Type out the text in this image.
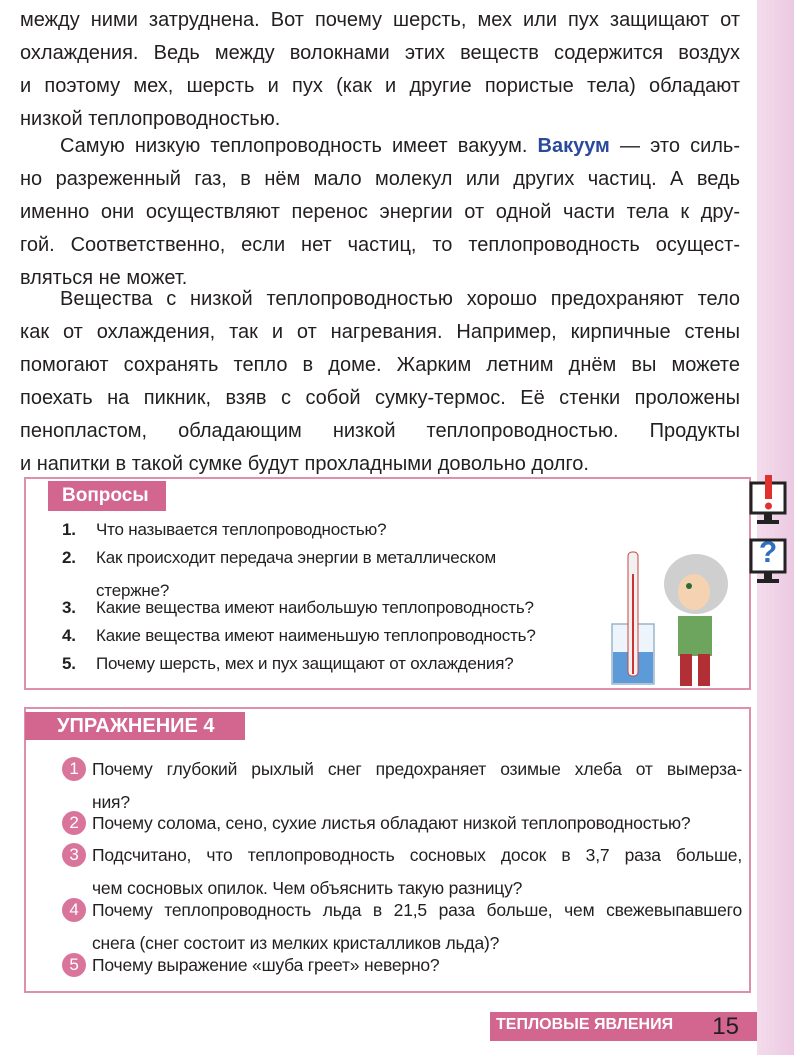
между ними затруднена. Вот почему шерсть, мех или пух защищают от
охлаждения. Ведь между волокнами этих веществ содержится воздух
и поэтому мех, шерсть и пух (как и другие пористые тела) обладают
низкой теплопроводностью.
Самую низкую теплопроводность имеет вакуум. Вакуум — это силь-
но разреженный газ, в нём мало молекул или других частиц. А ведь
именно они осуществляют перенос энергии от одной части тела к дру-
гой. Соответственно, если нет частиц, то теплопроводность осущест-
вляться не может.
Вещества с низкой теплопроводностью хорошо предохраняют тело
как от охлаждения, так и от нагревания. Например, кирпичные стены
помогают сохранять тепло в доме. Жарким летним днём вы можете
поехать на пикник, взяв с собой сумку-термос. Её стенки проложены
пенопластом, обладающим низкой теплопроводностью. Продукты
и напитки в такой сумке будут прохладными довольно долго.
Вопросы
1. Что называется теплопроводностью?
2. Как происходит передача энергии в металлическом
стержне?
3. Какие вещества имеют наибольшую теплопроводность?
4. Какие вещества имеют наименьшую теплопроводность?
5. Почему шерсть, мех и пух защищают от охлаждения?
?
УПРАЖНЕНИЕ 4
1 Почему глубокий рыхлый снег предохраняет озимые хлеба от вымерза-
ния?
2 Почему солома, сено, сухие листья обладают низкой теплопроводностью?
3 Подсчитано, что теплопроводность сосновых досок в 3,7 раза больше,
чем сосновых опилок. Чем объяснить такую разницу?
4 Почему теплопроводность льда в 21,5 раза больше, чем свежевыпавшего
снега (снег состоит из мелких кристалликов льда)?
5 Почему выражение «шуба греет» неверно?
ТЕПЛОВЫЕ ЯВЛЕНИЯ 15
